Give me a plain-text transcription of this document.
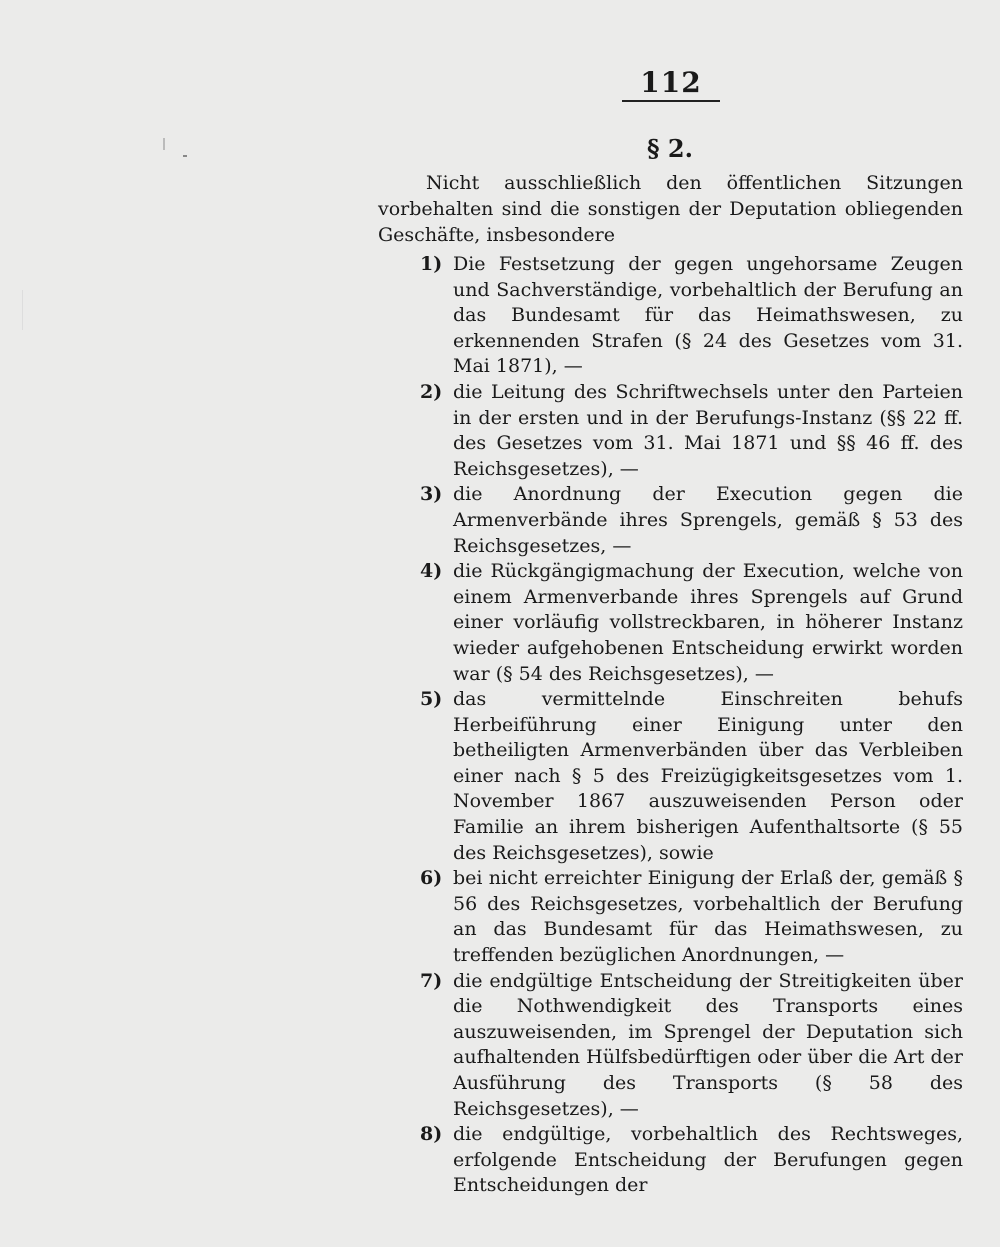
112
§ 2.

Nicht ausschließlich den öffentlichen Sitzungen vorbehalten sind die sonstigen der Deputation obliegenden Geschäfte, insbesondere

1) Die Festsetzung der gegen ungehorsame Zeugen und Sachverständige, vorbehaltlich der Berufung an das Bundesamt für das Heimathswesen, zu erkennenden Strafen (§ 24 des Gesetzes vom 31. Mai 1871), —
2) die Leitung des Schriftwechsels unter den Parteien in der ersten und in der Berufungs-Instanz (§§ 22 ff. des Gesetzes vom 31. Mai 1871 und §§ 46 ff. des Reichsgesetzes), —
3) die Anordnung der Execution gegen die Armenverbände ihres Sprengels, gemäß § 53 des Reichsgesetzes, —
4) die Rückgängigmachung der Execution, welche von einem Armenverbande ihres Sprengels auf Grund einer vorläufig vollstreckbaren, in höherer Instanz wieder aufgehobenen Entscheidung erwirkt worden war (§ 54 des Reichsgesetzes), —
5) das vermittelnde Einschreiten behufs Herbeiführung einer Einigung unter den betheiligten Armenverbänden über das Verbleiben einer nach § 5 des Freizügigkeitsgesetzes vom 1. November 1867 auszuweisenden Person oder Familie an ihrem bisherigen Aufenthaltsorte (§ 55 des Reichsgesetzes), sowie
6) bei nicht erreichter Einigung der Erlaß der, gemäß § 56 des Reichsgesetzes, vorbehaltlich der Berufung an das Bundesamt für das Heimathswesen, zu treffenden bezüglichen Anordnungen, —
7) die endgültige Entscheidung der Streitigkeiten über die Nothwendigkeit des Transports eines auszuweisenden, im Sprengel der Deputation sich aufhaltenden Hülfsbedürftigen oder über die Art der Ausführung des Transports (§ 58 des Reichsgesetzes), —
8) die endgültige, vorbehaltlich des Rechtsweges, erfolgende Entscheidung der Berufungen gegen Entscheidungen der
